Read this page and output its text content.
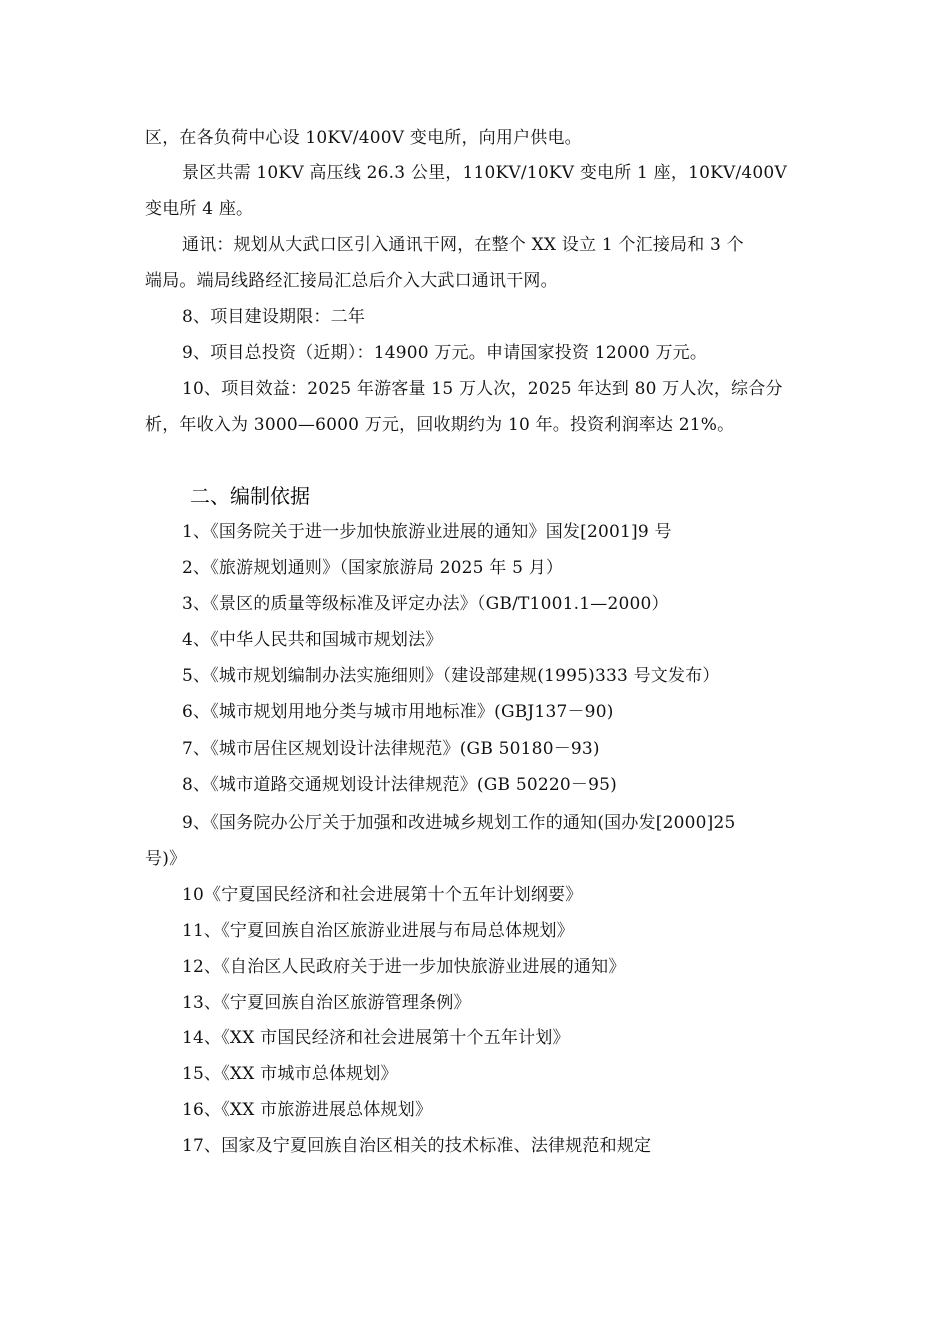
区，在各负荷中心设 10KV/400V 变电所，向用户供电。
景区共需 10KV 高压线 26.3 公里，110KV/10KV 变电所 1 座，10KV/400V
变电所 4 座。
通讯：规划从大武口区引入通讯干网，在整个 XX 设立 1 个汇接局和 3 个
端局。端局线路经汇接局汇总后介入大武口通讯干网。
8、项目建设期限：二年
9、项目总投资（近期）：14900 万元。申请国家投资 12000 万元。
10、项目效益：2025 年游客量 15 万人次，2025 年达到 80 万人次，综合分
析，年收入为 3000—6000 万元，回收期约为 10 年。投资利润率达 21%。
二、编制依据
1、《国务院关于进一步加快旅游业进展的通知》国发[2001]9 号
2、《旅游规划通则》（国家旅游局 2025 年 5 月）
3、《景区的质量等级标准及评定办法》（GB/T1001.1—2000）
4、《中华人民共和国城市规划法》
5、《城市规划编制办法实施细则》（建设部建规(1995)333 号文发布）
6、《城市规划用地分类与城市用地标准》(GBJ137－90)
7、《城市居住区规划设计法律规范》(GB 50180－93)
8、《城市道路交通规划设计法律规范》(GB 50220－95)
9、《国务院办公厅关于加强和改进城乡规划工作的通知(国办发[2000]25
号)》
10《宁夏国民经济和社会进展第十个五年计划纲要》
11、《宁夏回族自治区旅游业进展与布局总体规划》
12、《自治区人民政府关于进一步加快旅游业进展的通知》
13、《宁夏回族自治区旅游管理条例》
14、《XX 市国民经济和社会进展第十个五年计划》
15、《XX 市城市总体规划》
16、《XX 市旅游进展总体规划》
17、国家及宁夏回族自治区相关的技术标准、法律规范和规定
